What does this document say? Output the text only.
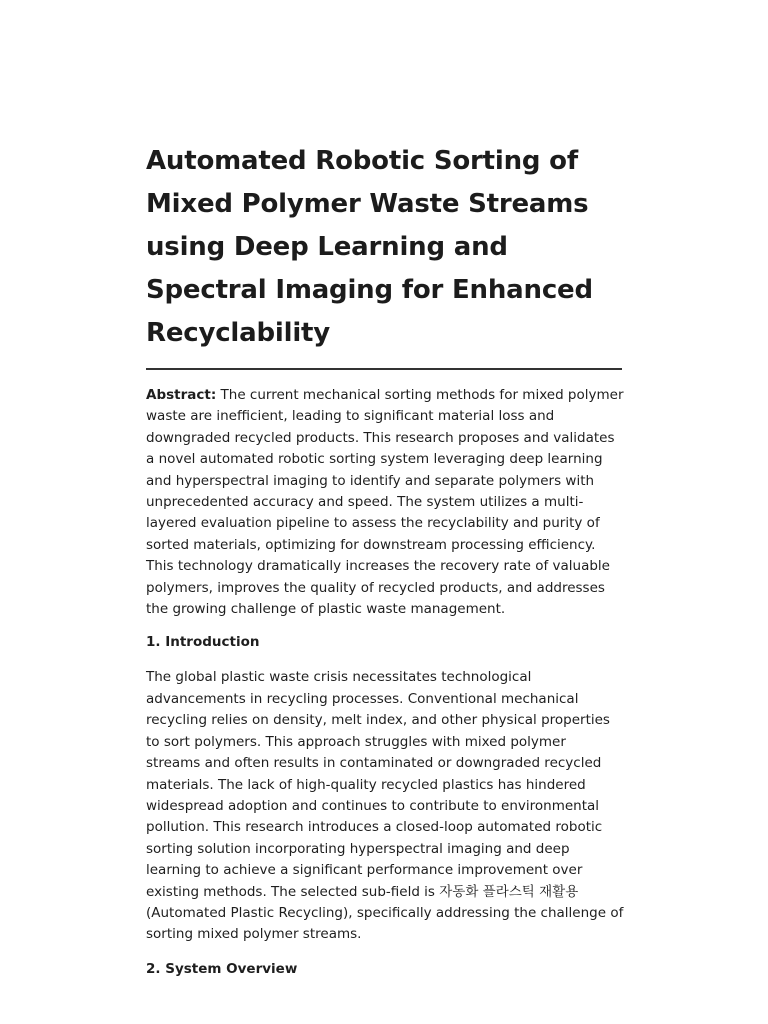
Automated Robotic Sorting of Mixed Polymer Waste Streams using Deep Learning and Spectral Imaging for Enhanced Recyclability

Abstract: The current mechanical sorting methods for mixed polymer waste are inefficient, leading to significant material loss and downgraded recycled products. This research proposes and validates a novel automated robotic sorting system leveraging deep learning and hyperspectral imaging to identify and separate polymers with unprecedented accuracy and speed. The system utilizes a multi-layered evaluation pipeline to assess the recyclability and purity of sorted materials, optimizing for downstream processing efficiency. This technology dramatically increases the recovery rate of valuable polymers, improves the quality of recycled products, and addresses the growing challenge of plastic waste management.

1. Introduction

The global plastic waste crisis necessitates technological advancements in recycling processes. Conventional mechanical recycling relies on density, melt index, and other physical properties to sort polymers. This approach struggles with mixed polymer streams and often results in contaminated or downgraded recycled materials. The lack of high-quality recycled plastics has hindered widespread adoption and continues to contribute to environmental pollution. This research introduces a closed-loop automated robotic sorting solution incorporating hyperspectral imaging and deep learning to achieve a significant performance improvement over existing methods. The selected sub-field is 자동화 플라스틱 재활용 (Automated Plastic Recycling), specifically addressing the challenge of sorting mixed polymer streams.

2. System Overview
